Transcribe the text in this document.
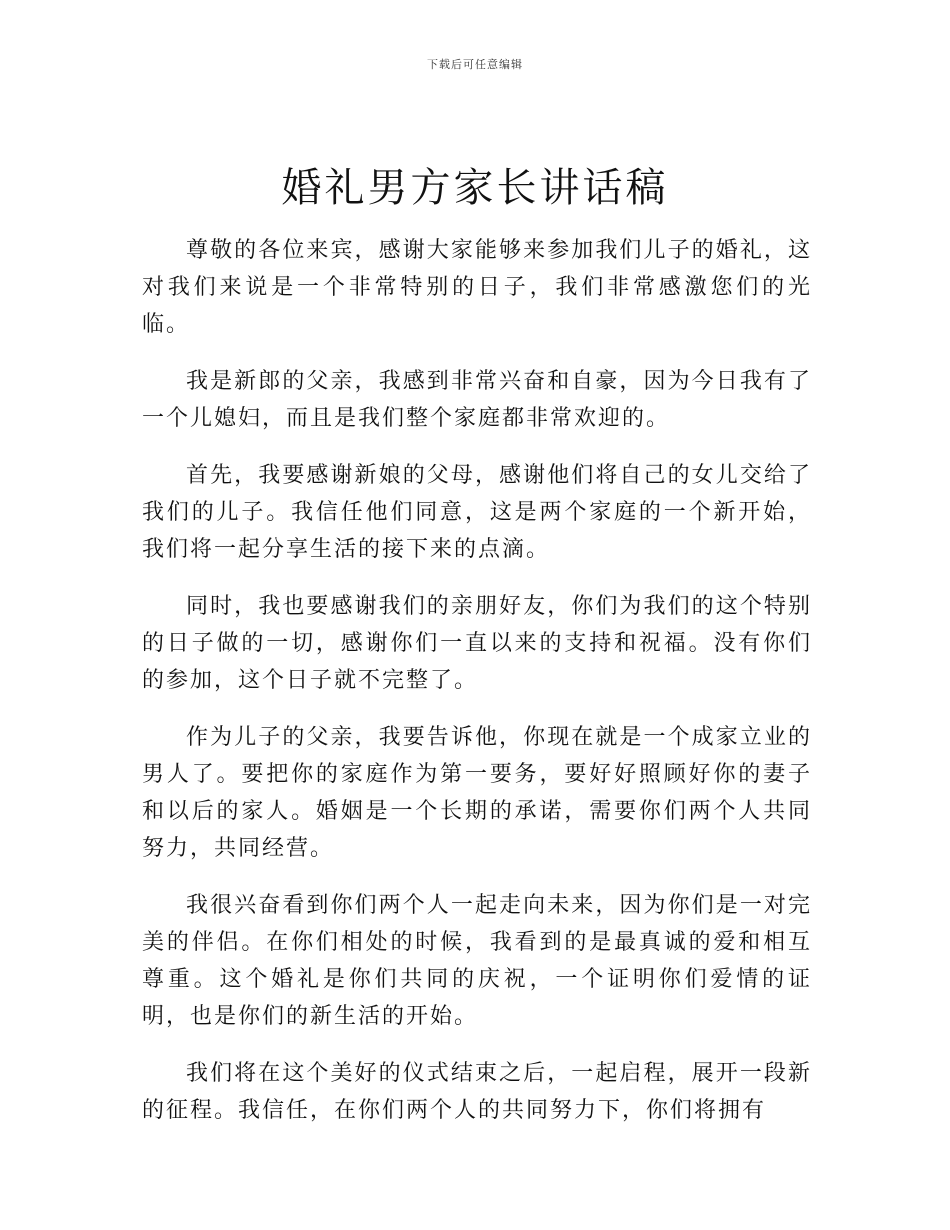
下载后可任意编辑
婚礼男方家长讲话稿

尊敬的各位来宾，感谢大家能够来参加我们儿子的婚礼，这对我们来说是一个非常特别的日子，我们非常感激您们的光临。

我是新郎的父亲，我感到非常兴奋和自豪，因为今日我有了一个儿媳妇，而且是我们整个家庭都非常欢迎的。

首先，我要感谢新娘的父母，感谢他们将自己的女儿交给了我们的儿子。我信任他们同意，这是两个家庭的一个新开始，我们将一起分享生活的接下来的点滴。

同时，我也要感谢我们的亲朋好友，你们为我们的这个特别的日子做的一切，感谢你们一直以来的支持和祝福。没有你们的参加，这个日子就不完整了。

作为儿子的父亲，我要告诉他，你现在就是一个成家立业的男人了。要把你的家庭作为第一要务，要好好照顾好你的妻子和以后的家人。婚姻是一个长期的承诺，需要你们两个人共同努力，共同经营。

我很兴奋看到你们两个人一起走向未来，因为你们是一对完美的伴侣。在你们相处的时候，我看到的是最真诚的爱和相互尊重。这个婚礼是你们共同的庆祝，一个证明你们爱情的证明，也是你们的新生活的开始。

我们将在这个美好的仪式结束之后，一起启程，展开一段新的征程。我信任，在你们两个人的共同努力下，你们将拥有
